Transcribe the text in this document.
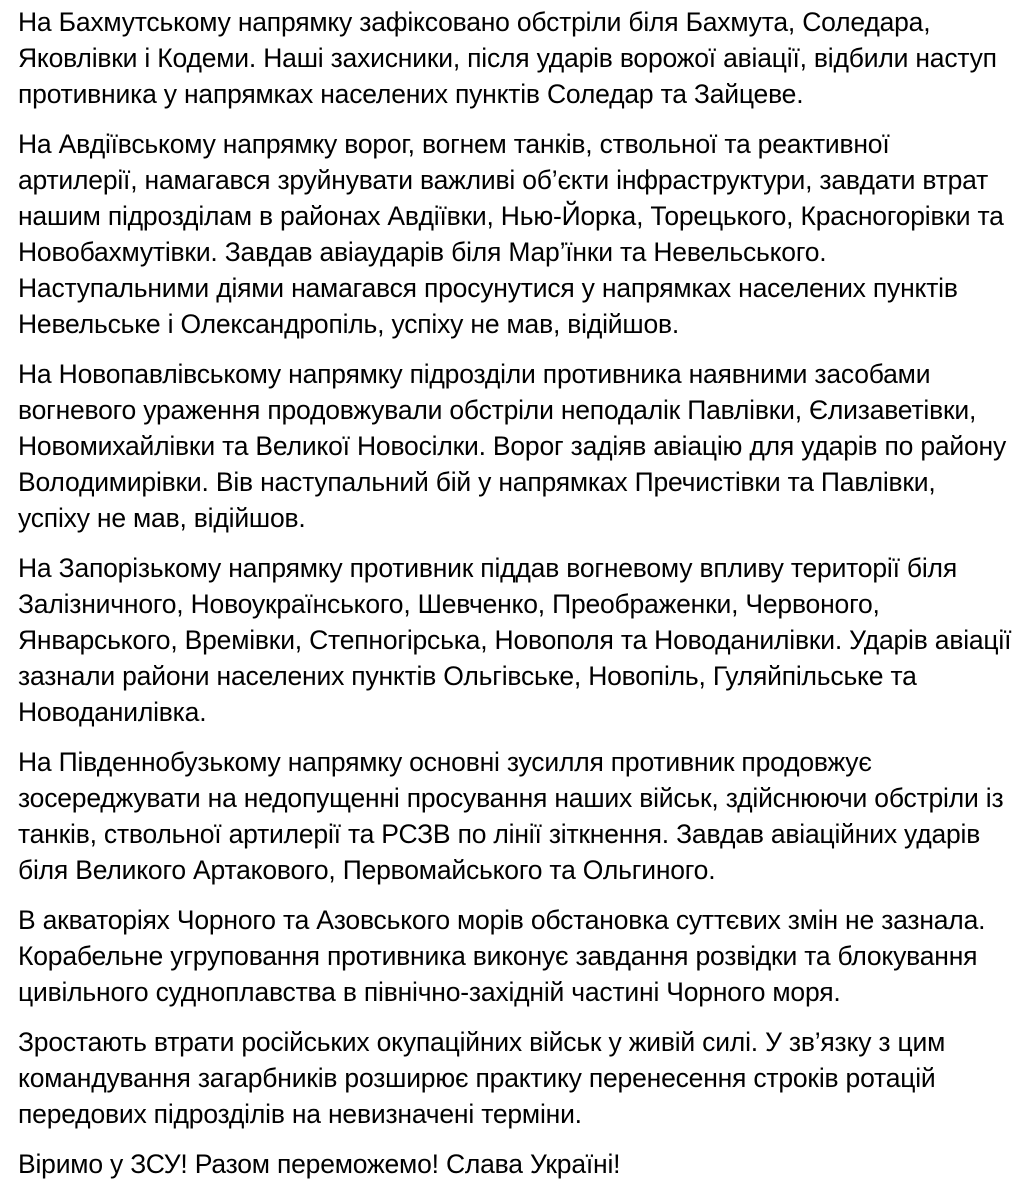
На Бахмутському напрямку зафіксовано обстріли біля Бахмута, Соледара, Яковлівки і Кодеми. Наші захисники, після ударів ворожої авіації, відбили наступ противника у напрямках населених пунктів Соледар та Зайцеве.

На Авдіївському напрямку ворог, вогнем танків, ствольної та реактивної артилерії, намагався зруйнувати важливі об’єкти інфраструктури, завдати втрат нашим підрозділам в районах Авдіївки, Нью-Йорка, Торецького, Красногорівки та Новобахмутівки. Завдав авіаударів біля Мар’їнки та Невельського. Наступальними діями намагався просунутися у напрямках населених пунктів Невельське і Олександропіль, успіху не мав, відійшов.

На Новопавлівському напрямку підрозділи противника наявними засобами вогневого ураження продовжували обстріли неподалік Павлівки, Єлизаветівки, Новомихайлівки та Великої Новосілки. Ворог задіяв авіацію для ударів по району Володимирівки. Вів наступальний бій у напрямках Пречистівки та Павлівки, успіху не мав, відійшов.

На Запорізькому напрямку противник піддав вогневому впливу території біля Залізничного, Новоукраїнського, Шевченко, Преображенки, Червоного, Январського, Времівки, Степногірська, Новополя та Новоданилівки. Ударів авіації зазнали райони населених пунктів Ольгівське, Новопіль, Гуляйпільське та Новоданилівка.

На Південнобузькому напрямку основні зусилля противник продовжує зосереджувати на недопущенні просування наших військ, здійснюючи обстріли із танків, ствольної артилерії та РСЗВ по лінії зіткнення. Завдав авіаційних ударів біля Великого Артакового, Первомайського та Ольгиного.

В акваторіях Чорного та Азовського морів обстановка суттєвих змін не зазнала. Корабельне угруповання противника виконує завдання розвідки та блокування цивільного судноплавства в північно-західній частині Чорного моря.

Зростають втрати російських окупаційних військ у живій силі. У зв’язку з цим командування загарбників розширює практику перенесення строків ротацій передових підрозділів на невизначені терміни.

Віримо у ЗСУ! Разом переможемо! Слава Україні!
